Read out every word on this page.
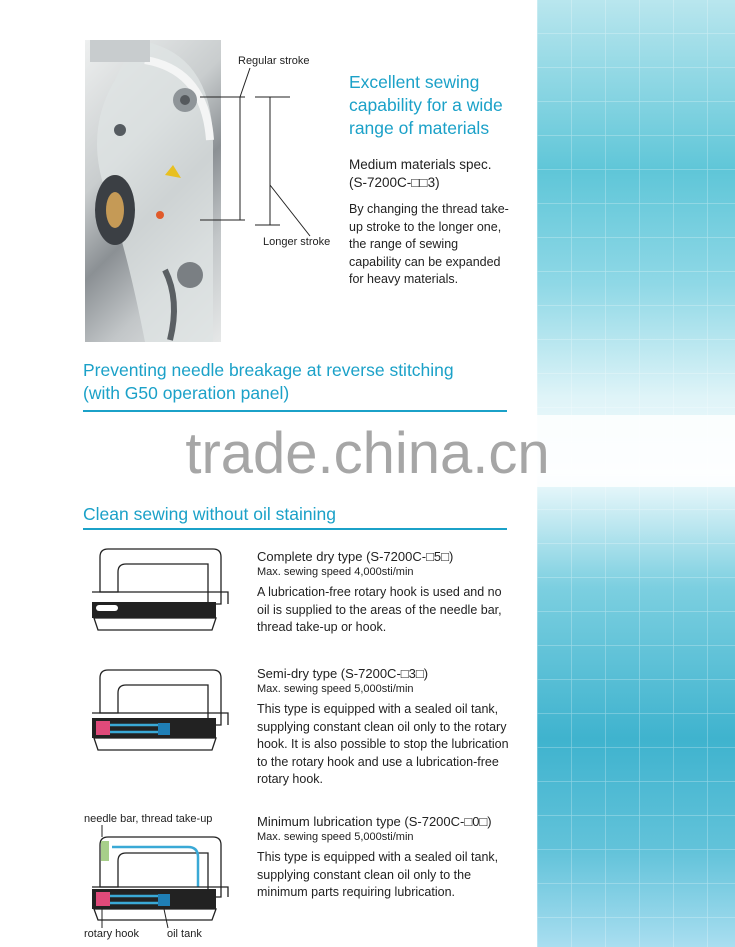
Regular stroke
Longer stroke
Excellent sewing capability for a wide range of materials
Medium materials spec.
(S-7200C-□□3)
By changing the thread take-up stroke to the longer one, the range of sewing capability can be expanded for heavy materials.
Preventing needle breakage at reverse stitching
(with G50 operation panel)
trade.china.cn
Clean sewing without oil staining
needle bar, thread take-up
rotary hook	oil tank
Complete dry type (S-7200C-□5□)
Max. sewing speed 4,000sti/min
A lubrication-free rotary hook is used and no oil is supplied to the areas of the needle bar, thread take-up or hook.
Semi-dry type (S-7200C-□3□)
Max. sewing speed 5,000sti/min
This type is equipped with a sealed oil tank, supplying constant clean oil only to the rotary hook. It is also possible to stop the lubrication to the rotary hook and use a lubrication-free rotary hook.
Minimum lubrication type (S-7200C-□0□)
Max. sewing speed 5,000sti/min
This type is equipped with a sealed oil tank, supplying constant clean oil only to the minimum parts requiring lubrication.
